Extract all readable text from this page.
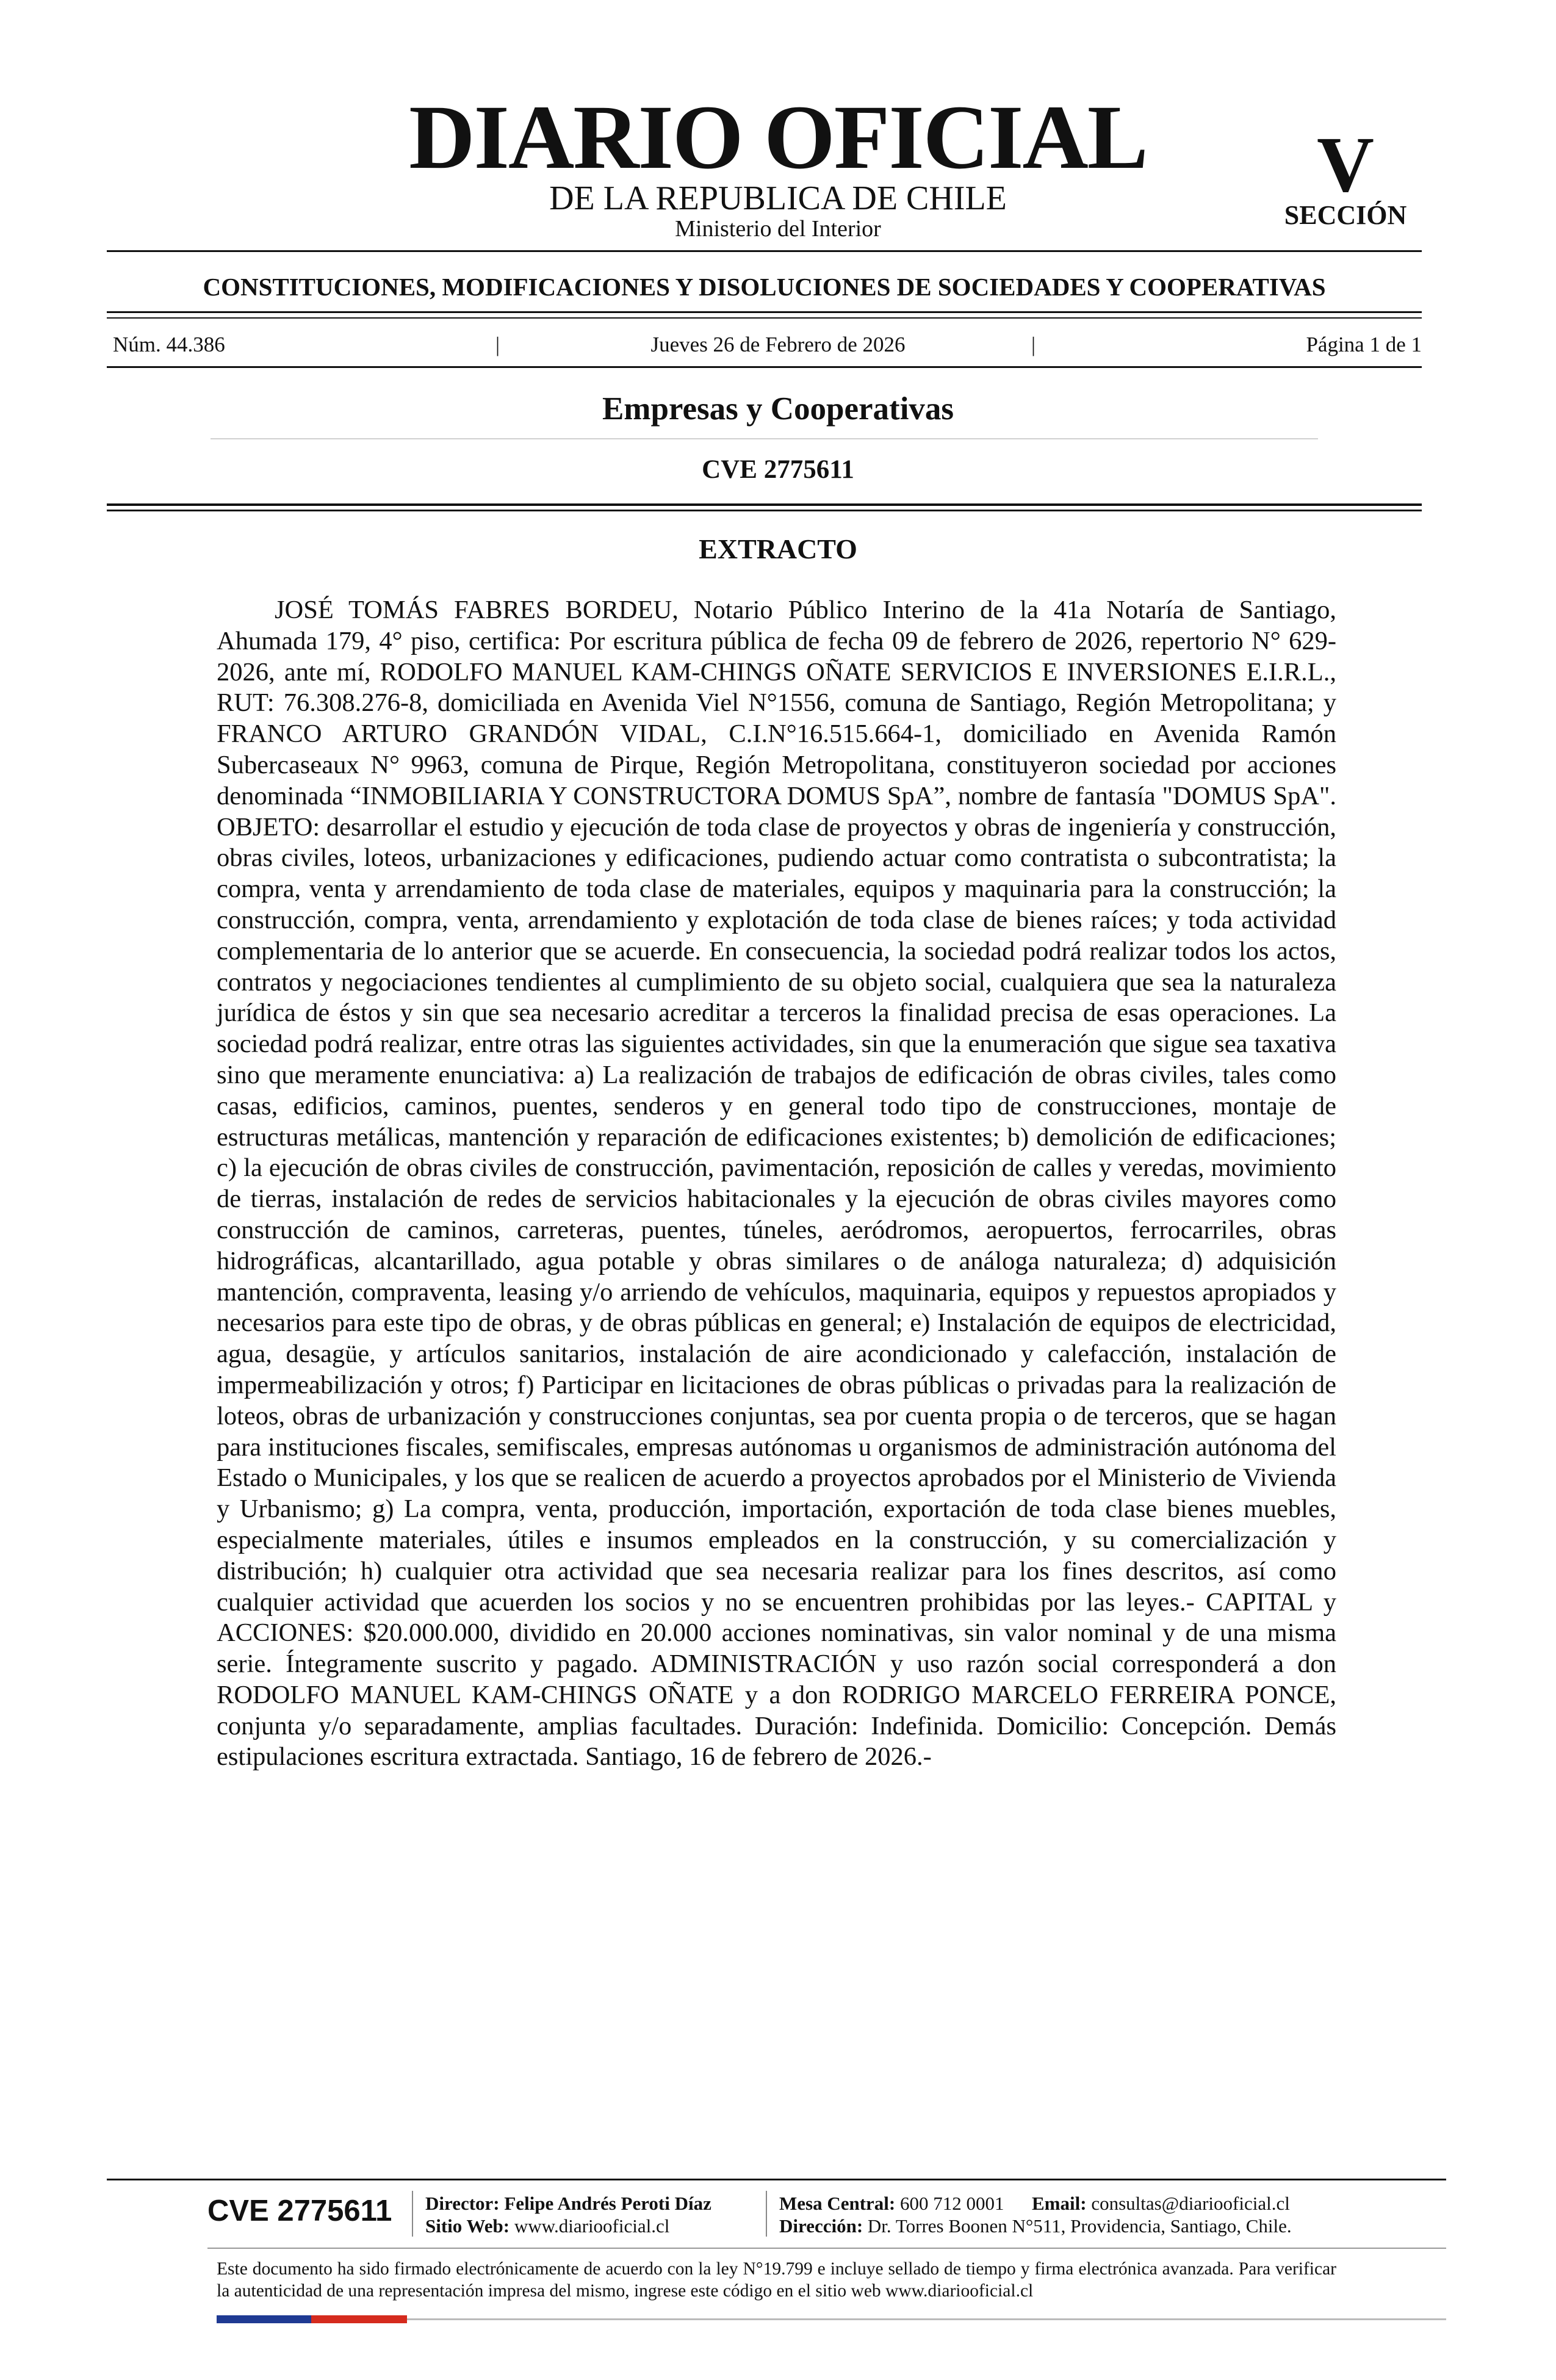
DIARIO OFICIAL
DE LA REPUBLICA DE CHILE
Ministerio del Interior
V
SECCIÓN
CONSTITUCIONES, MODIFICACIONES Y DISOLUCIONES DE SOCIEDADES Y COOPERATIVAS
Núm. 44.386	|	Jueves 26 de Febrero de 2026	|	Página 1 de 1
Empresas y Cooperativas
CVE 2775611
EXTRACTO

JOSÉ TOMÁS FABRES BORDEU, Notario Público Interino de la 41a Notaría de Santiago, Ahumada 179, 4° piso, certifica: Por escritura pública de fecha 09 de febrero de 2026, repertorio N° 629-2026, ante mí, RODOLFO MANUEL KAM-CHINGS OÑATE SERVICIOS E INVERSIONES E.I.R.L., RUT: 76.308.276-8, domiciliada en Avenida Viel N°1556, comuna de Santiago, Región Metropolitana; y FRANCO ARTURO GRANDÓN VIDAL, C.I.N°16.515.664-1, domiciliado en Avenida Ramón Subercaseaux N° 9963, comuna de Pirque, Región Metropolitana, constituyeron sociedad por acciones denominada “INMOBILIARIA Y CONSTRUCTORA DOMUS SpA”, nombre de fantasía "DOMUS SpA". OBJETO: desarrollar el estudio y ejecución de toda clase de proyectos y obras de ingeniería y construcción, obras civiles, loteos, urbanizaciones y edificaciones, pudiendo actuar como contratista o subcontratista; la compra, venta y arrendamiento de toda clase de materiales, equipos y maquinaria para la construcción; la construcción, compra, venta, arrendamiento y explotación de toda clase de bienes raíces; y toda actividad complementaria de lo anterior que se acuerde. En consecuencia, la sociedad podrá realizar todos los actos, contratos y negociaciones tendientes al cumplimiento de su objeto social, cualquiera que sea la naturaleza jurídica de éstos y sin que sea necesario acreditar a terceros la finalidad precisa de esas operaciones. La sociedad podrá realizar, entre otras las siguientes actividades, sin que la enumeración que sigue sea taxativa sino que meramente enunciativa: a) La realización de trabajos de edificación de obras civiles, tales como casas, edificios, caminos, puentes, senderos y en general todo tipo de construcciones, montaje de estructuras metálicas, mantención y reparación de edificaciones existentes; b) demolición de edificaciones; c) la ejecución de obras civiles de construcción, pavimentación, reposición de calles y veredas, movimiento de tierras, instalación de redes de servicios habitacionales y la ejecución de obras civiles mayores como construcción de caminos, carreteras, puentes, túneles, aeródromos, aeropuertos, ferrocarriles, obras hidrográficas, alcantarillado, agua potable y obras similares o de análoga naturaleza; d) adquisición mantención, compraventa, leasing y/o arriendo de vehículos, maquinaria, equipos y repuestos apropiados y necesarios para este tipo de obras, y de obras públicas en general; e) Instalación de equipos de electricidad, agua, desagüe, y artículos sanitarios, instalación de aire acondicionado y calefacción, instalación de impermeabilización y otros; f) Participar en licitaciones de obras públicas o privadas para la realización de loteos, obras de urbanización y construcciones conjuntas, sea por cuenta propia o de terceros, que se hagan para instituciones fiscales, semifiscales, empresas autónomas u organismos de administración autónoma del Estado o Municipales, y los que se realicen de acuerdo a proyectos aprobados por el Ministerio de Vivienda y Urbanismo; g) La compra, venta, producción, importación, exportación de toda clase bienes muebles, especialmente materiales, útiles e insumos empleados en la construcción, y su comercialización y distribución; h) cualquier otra actividad que sea necesaria realizar para los fines descritos, así como cualquier actividad que acuerden los socios y no se encuentren prohibidas por las leyes.- CAPITAL y ACCIONES: $20.000.000, dividido en 20.000 acciones nominativas, sin valor nominal y de una misma serie. Íntegramente suscrito y pagado. ADMINISTRACIÓN y uso razón social corresponderá a don RODOLFO MANUEL KAM-CHINGS OÑATE y a don RODRIGO MARCELO FERREIRA PONCE, conjunta y/o separadamente, amplias facultades. Duración: Indefinida. Domicilio: Concepción. Demás estipulaciones escritura extractada. Santiago, 16 de febrero de 2026.-

CVE 2775611 Director: Felipe Andrés Peroti Díaz
Sitio Web: www.diariooficial.cl
Mesa Central: 600 712 0001 Email: consultas@diariooficial.cl
Dirección: Dr. Torres Boonen N°511, Providencia, Santiago, Chile.

Este documento ha sido firmado electrónicamente de acuerdo con la ley N°19.799 e incluye sellado de tiempo y firma electrónica avanzada. Para verificar la autenticidad de una representación impresa del mismo, ingrese este código en el sitio web www.diariooficial.cl
